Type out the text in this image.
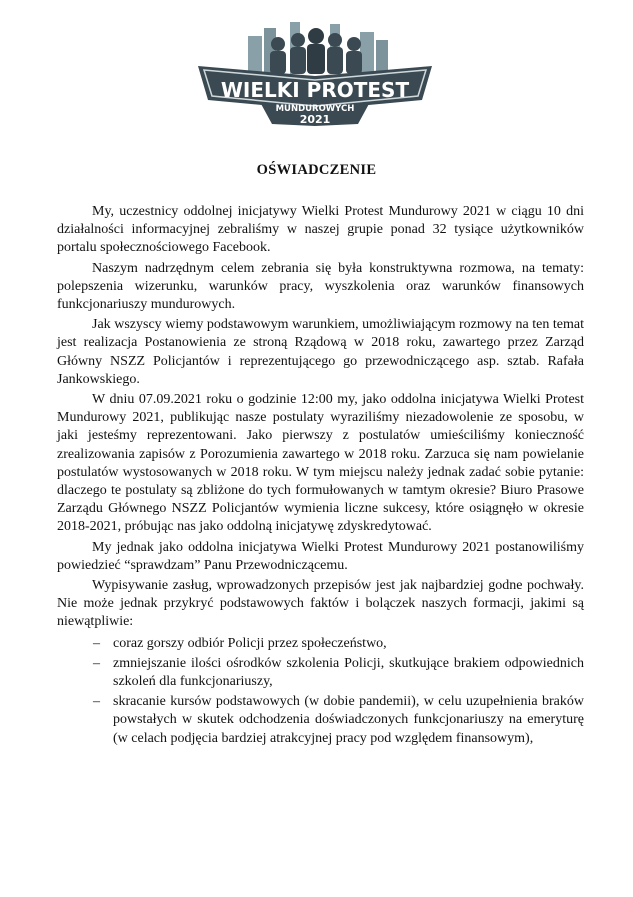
WIELKI PROTEST
MUNDUROWYCH
2021
OŚWIADCZENIE

My, uczestnicy oddolnej inicjatywy Wielki Protest Mundurowy 2021 w ciągu 10 dni działalności informacyjnej zebraliśmy w naszej grupie ponad 32 tysiące użytkowników portalu społecznościowego Facebook.

Naszym nadrzędnym celem zebrania się była konstruktywna rozmowa, na tematy: polepszenia wizerunku, warunków pracy, wyszkolenia oraz warunków finansowych funkcjonariuszy mundurowych.

Jak wszyscy wiemy podstawowym warunkiem, umożliwiającym rozmowy na ten temat jest realizacja Postanowienia ze stroną Rządową w 2018 roku, zawartego przez Zarząd Główny NSZZ Policjantów i reprezentującego go przewodniczącego asp. sztab. Rafała Jankowskiego.

W dniu 07.09.2021 roku o godzinie 12:00 my, jako oddolna inicjatywa Wielki Protest Mundurowy 2021, publikując nasze postulaty wyraziliśmy niezadowolenie ze sposobu, w jaki jesteśmy reprezentowani. Jako pierwszy z postulatów umieściliśmy konieczność zrealizowania zapisów z Porozumienia zawartego w 2018 roku. Zarzuca się nam powielanie postulatów wystosowanych w 2018 roku. W tym miejscu należy jednak zadać sobie pytanie: dlaczego te postulaty są zbliżone do tych formułowanych w tamtym okresie? Biuro Prasowe Zarządu Głównego NSZZ Policjantów wymienia liczne sukcesy, które osiągnęło w okresie 2018-2021, próbując nas jako oddolną inicjatywę zdyskredytować.

My jednak jako oddolna inicjatywa Wielki Protest Mundurowy 2021 postanowiliśmy powiedzieć “sprawdzam” Panu Przewodniczącemu.

Wypisywanie zasług, wprowadzonych przepisów jest jak najbardziej godne pochwały. Nie może jednak przykryć podstawowych faktów i bolączek naszych formacji, jakimi są niewątpliwie:

– coraz gorszy odbiór Policji przez społeczeństwo,
– zmniejszanie ilości ośrodków szkolenia Policji, skutkujące brakiem odpowiednich szkoleń dla funkcjonariuszy,
– skracanie kursów podstawowych (w dobie pandemii), w celu uzupełnienia braków powstałych w skutek odchodzenia doświadczonych funkcjonariuszy na emeryturę (w celach podjęcia bardziej atrakcyjnej pracy pod względem finansowym),
